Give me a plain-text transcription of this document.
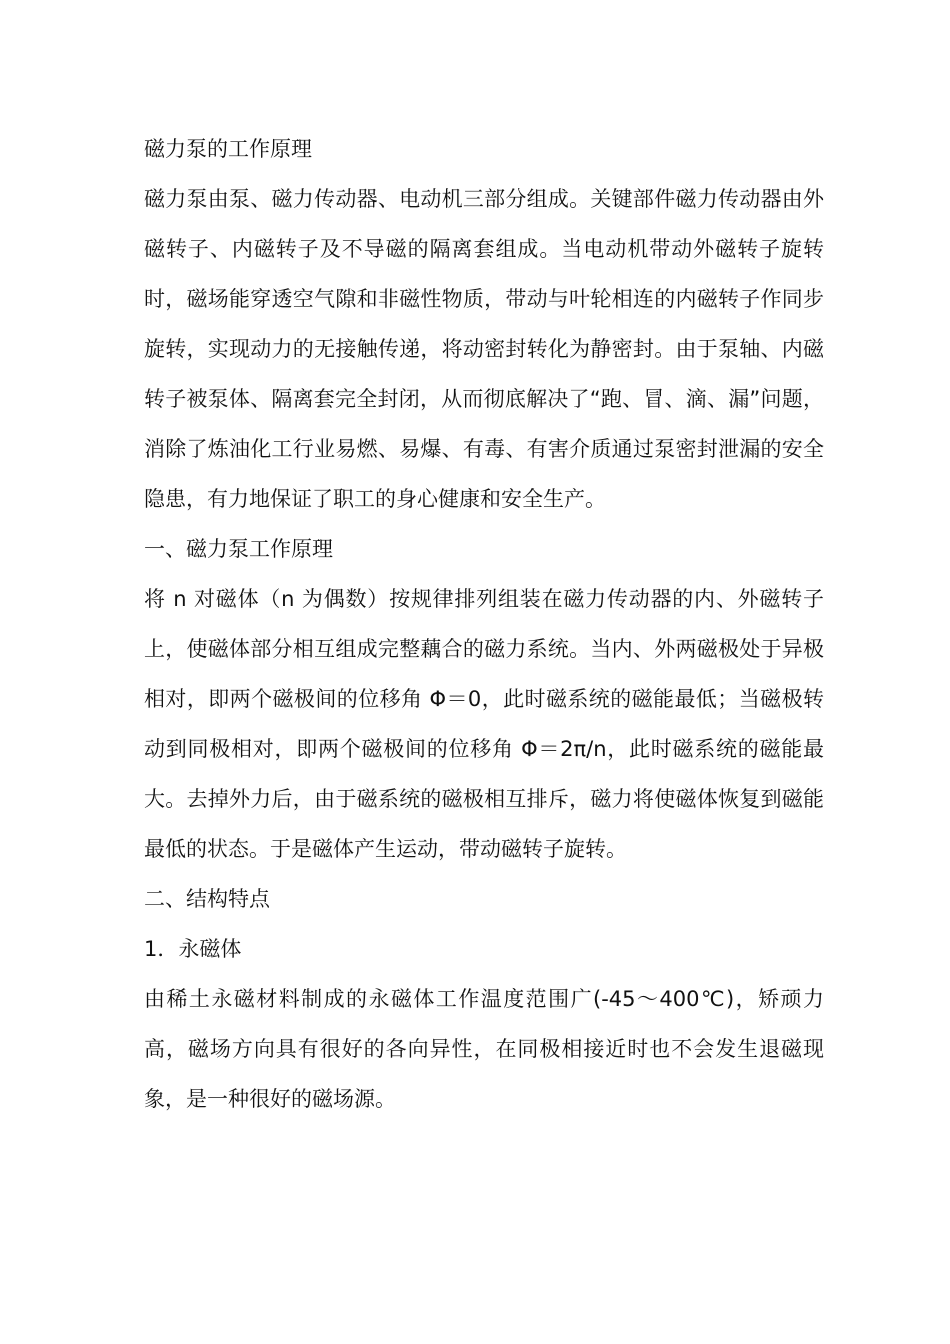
磁力泵的工作原理

磁力泵由泵、磁力传动器、电动机三部分组成。关键部件磁力传动器由外磁转子、内磁转子及不导磁的隔离套组成。当电动机带动外磁转子旋转时，磁场能穿透空气隙和非磁性物质，带动与叶轮相连的内磁转子作同步旋转，实现动力的无接触传递，将动密封转化为静密封。由于泵轴、内磁转子被泵体、隔离套完全封闭，从而彻底解决了“跑、冒、滴、漏”问题，消除了炼油化工行业易燃、易爆、有毒、有害介质通过泵密封泄漏的安全隐患，有力地保证了职工的身心健康和安全生产。

一、磁力泵工作原理

将 n 对磁体（n 为偶数）按规律排列组装在磁力传动器的内、外磁转子上，使磁体部分相互组成完整藕合的磁力系统。当内、外两磁极处于异极相对，即两个磁极间的位移角 Φ＝0，此时磁系统的磁能最低；当磁极转动到同极相对，即两个磁极间的位移角 Φ＝2π/n，此时磁系统的磁能最大。去掉外力后，由于磁系统的磁极相互排斥，磁力将使磁体恢复到磁能最低的状态。于是磁体产生运动，带动磁转子旋转。

二、结构特点

1．永磁体

由稀土永磁材料制成的永磁体工作温度范围广(-45～400℃)，矫顽力高，磁场方向具有很好的各向异性，在同极相接近时也不会发生退磁现象，是一种很好的磁场源。
